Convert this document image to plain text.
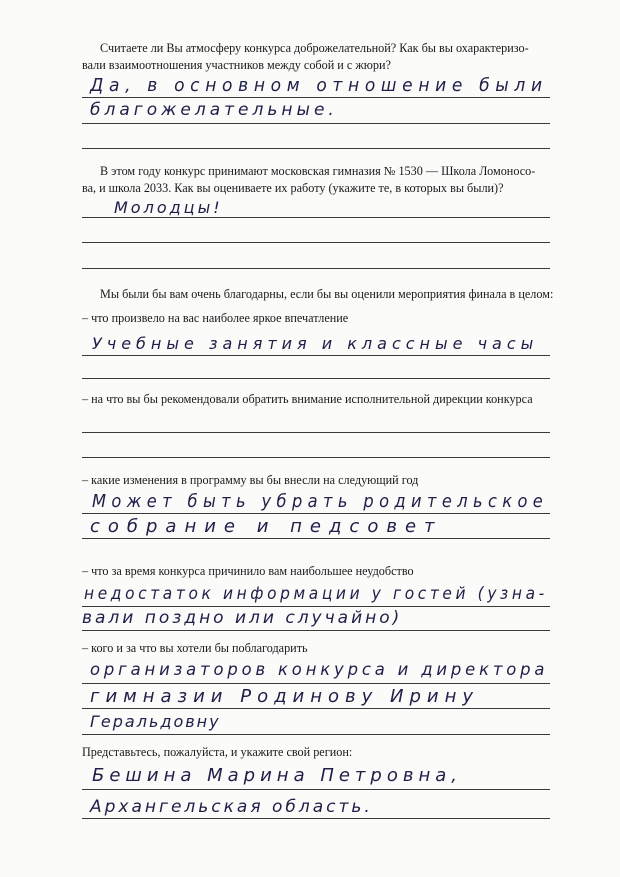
Считаете ли Вы атмосферу конкурса доброжелательной? Как бы вы охарактеризо-
вали взаимоотношения участников между собой и с жюри?
Да, в основном отношение были
благожелательные.
В этом году конкурс принимают московская гимназия № 1530 — Школа Ломоносо-
ва, и школа 2033. Как вы оцениваете их работу (укажите те, в которых вы были)?
Молодцы!
Мы были бы вам очень благодарны, если бы вы оценили мероприятия финала в целом:
– что произвело на вас наиболее яркое впечатление
Учебные занятия и классные часы
– на что вы бы рекомендовали обратить внимание исполнительной дирекции конкурса
– какие изменения в программу вы бы внесли на следующий год
Может быть убрать родительское
собрание и педсовет
– что за время конкурса причинило вам наибольшее неудобство
недостаток информации у гостей (узна-
вали поздно или случайно)
– кого и за что вы хотели бы поблагодарить
организаторов конкурса и директора
гимназии Родинову Ирину
Геральдовну
Представьтесь, пожалуйста, и укажите свой регион:
Бешина Марина Петровна,
Архангельская область.
